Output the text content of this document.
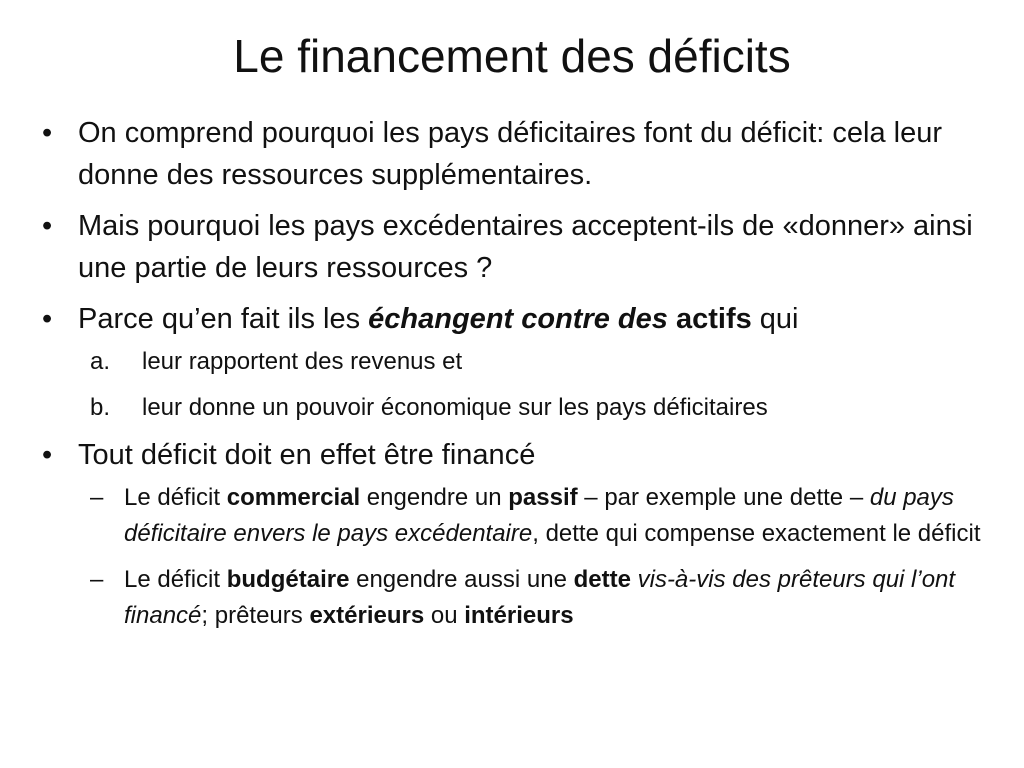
Le financement des déficits
• On comprend pourquoi les pays déficitaires font du déficit: cela leur donne des ressources supplémentaires.
• Mais pourquoi les pays excédentaires acceptent-ils de «donner» ainsi une partie de leurs ressources ?
• Parce qu’en fait ils les échangent contre des actifs qui
a. leur rapportent des revenus et
b. leur donne un pouvoir économique sur les pays déficitaires
• Tout déficit doit en effet être financé
– Le déficit commercial engendre un passif – par exemple une dette – du pays déficitaire envers le pays excédentaire, dette qui compense exactement le déficit
– Le déficit budgétaire engendre aussi une dette vis-à-vis des prêteurs qui l’ont financé; prêteurs extérieurs ou intérieurs
